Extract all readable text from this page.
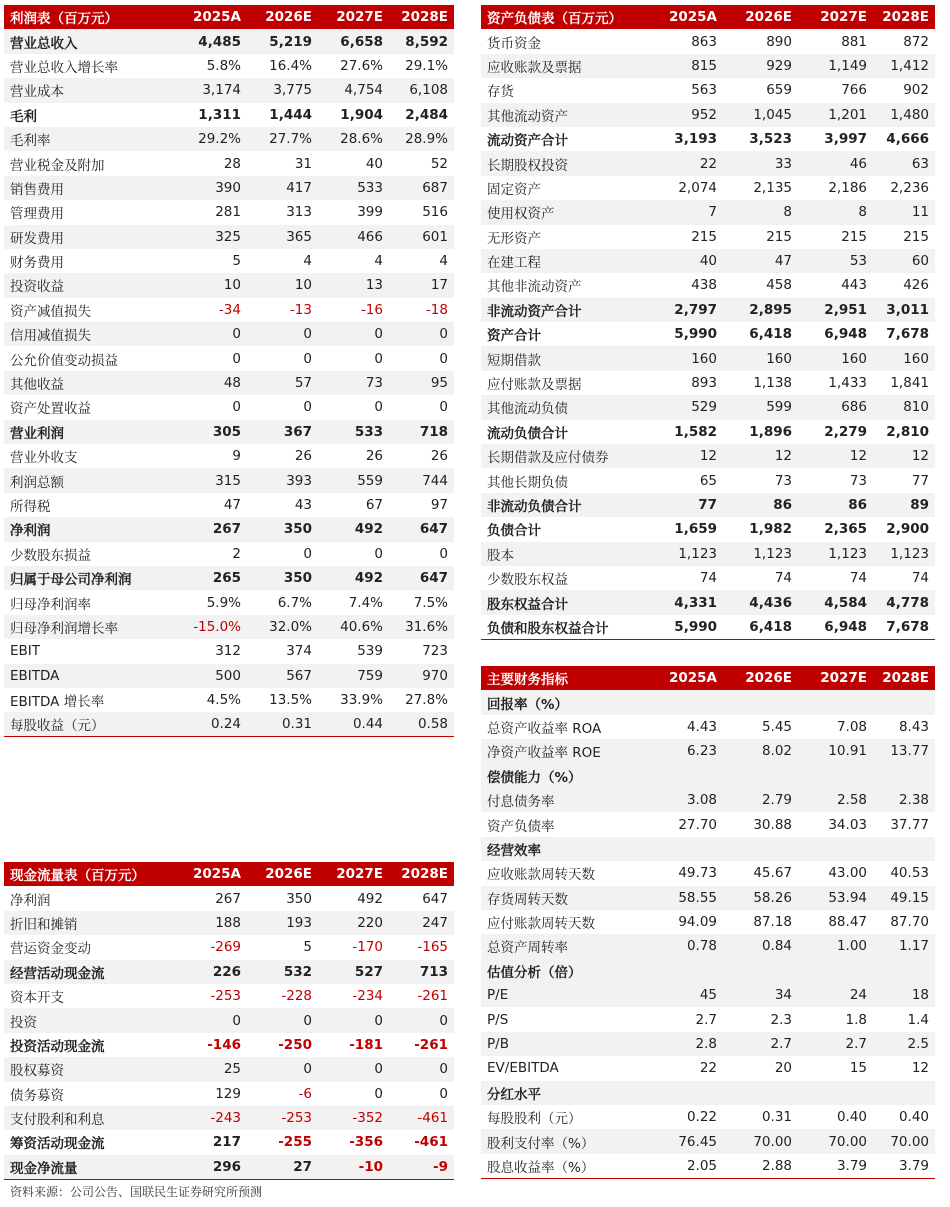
利润表（百万元）	2025A	2026E	2027E	2028E
营业总收入	4,485	5,219	6,658	8,592
营业总收入增长率	5.8%	16.4%	27.6%	29.1%
营业成本	3,174	3,775	4,754	6,108
毛利	1,311	1,444	1,904	2,484
毛利率	29.2%	27.7%	28.6%	28.9%
营业税金及附加	28	31	40	52
销售费用	390	417	533	687
管理费用	281	313	399	516
研发费用	325	365	466	601
财务费用	5	4	4	4
投资收益	10	10	13	17
资产减值损失	-34	-13	-16	-18
信用减值损失	0	0	0	0
公允价值变动损益	0	0	0	0
其他收益	48	57	73	95
资产处置收益	0	0	0	0
营业利润	305	367	533	718
营业外收支	9	26	26	26
利润总额	315	393	559	744
所得税	47	43	67	97
净利润	267	350	492	647
少数股东损益	2	0	0	0
归属于母公司净利润	265	350	492	647
归母净利润率	5.9%	6.7%	7.4%	7.5%
归母净利润增长率	-15.0%	32.0%	40.6%	31.6%
EBIT	312	374	539	723
EBITDA	500	567	759	970
EBITDA 增长率	4.5%	13.5%	33.9%	27.8%
每股收益（元）	0.24	0.31	0.44	0.58
资产负债表（百万元）	2025A	2026E	2027E	2028E
货币资金	863	890	881	872
应收账款及票据	815	929	1,149	1,412
存货	563	659	766	902
其他流动资产	952	1,045	1,201	1,480
流动资产合计	3,193	3,523	3,997	4,666
长期股权投资	22	33	46	63
固定资产	2,074	2,135	2,186	2,236
使用权资产	7	8	8	11
无形资产	215	215	215	215
在建工程	40	47	53	60
其他非流动资产	438	458	443	426
非流动资产合计	2,797	2,895	2,951	3,011
资产合计	5,990	6,418	6,948	7,678
短期借款	160	160	160	160
应付账款及票据	893	1,138	1,433	1,841
其他流动负债	529	599	686	810
流动负债合计	1,582	1,896	2,279	2,810
长期借款及应付债券	12	12	12	12
其他长期负债	65	73	73	77
非流动负债合计	77	86	86	89
负债合计	1,659	1,982	2,365	2,900
股本	1,123	1,123	1,123	1,123
少数股东权益	74	74	74	74
股东权益合计	4,331	4,436	4,584	4,778
负债和股东权益合计	5,990	6,418	6,948	7,678
主要财务指标	2025A	2026E	2027E	2028E
回报率（%）				
总资产收益率 ROA	4.43	5.45	7.08	8.43
净资产收益率 ROE	6.23	8.02	10.91	13.77
偿债能力（%）				
付息债务率	3.08	2.79	2.58	2.38
资产负债率	27.70	30.88	34.03	37.77
经营效率				
应收账款周转天数	49.73	45.67	43.00	40.53
存货周转天数	58.55	58.26	53.94	49.15
应付账款周转天数	94.09	87.18	88.47	87.70
总资产周转率	0.78	0.84	1.00	1.17
估值分析（倍）				
P/E	45	34	24	18
P/S	2.7	2.3	1.8	1.4
P/B	2.8	2.7	2.7	2.5
EV/EBITDA	22	20	15	12
分红水平				
每股股利（元）	0.22	0.31	0.40	0.40
股利支付率（%）	76.45	70.00	70.00	70.00
股息收益率（%）	2.05	2.88	3.79	3.79
现金流量表（百万元）	2025A	2026E	2027E	2028E
净利润	267	350	492	647
折旧和摊销	188	193	220	247
营运资金变动	-269	5	-170	-165
经营活动现金流	226	532	527	713
资本开支	-253	-228	-234	-261
投资	0	0	0	0
投资活动现金流	-146	-250	-181	-261
股权募资	25	0	0	0
债务募资	129	-6	0	0
支付股利和利息	-243	-253	-352	-461
筹资活动现金流	217	-255	-356	-461
现金净流量	296	27	-10	-9
资料来源：公司公告、国联民生证券研究所预测
